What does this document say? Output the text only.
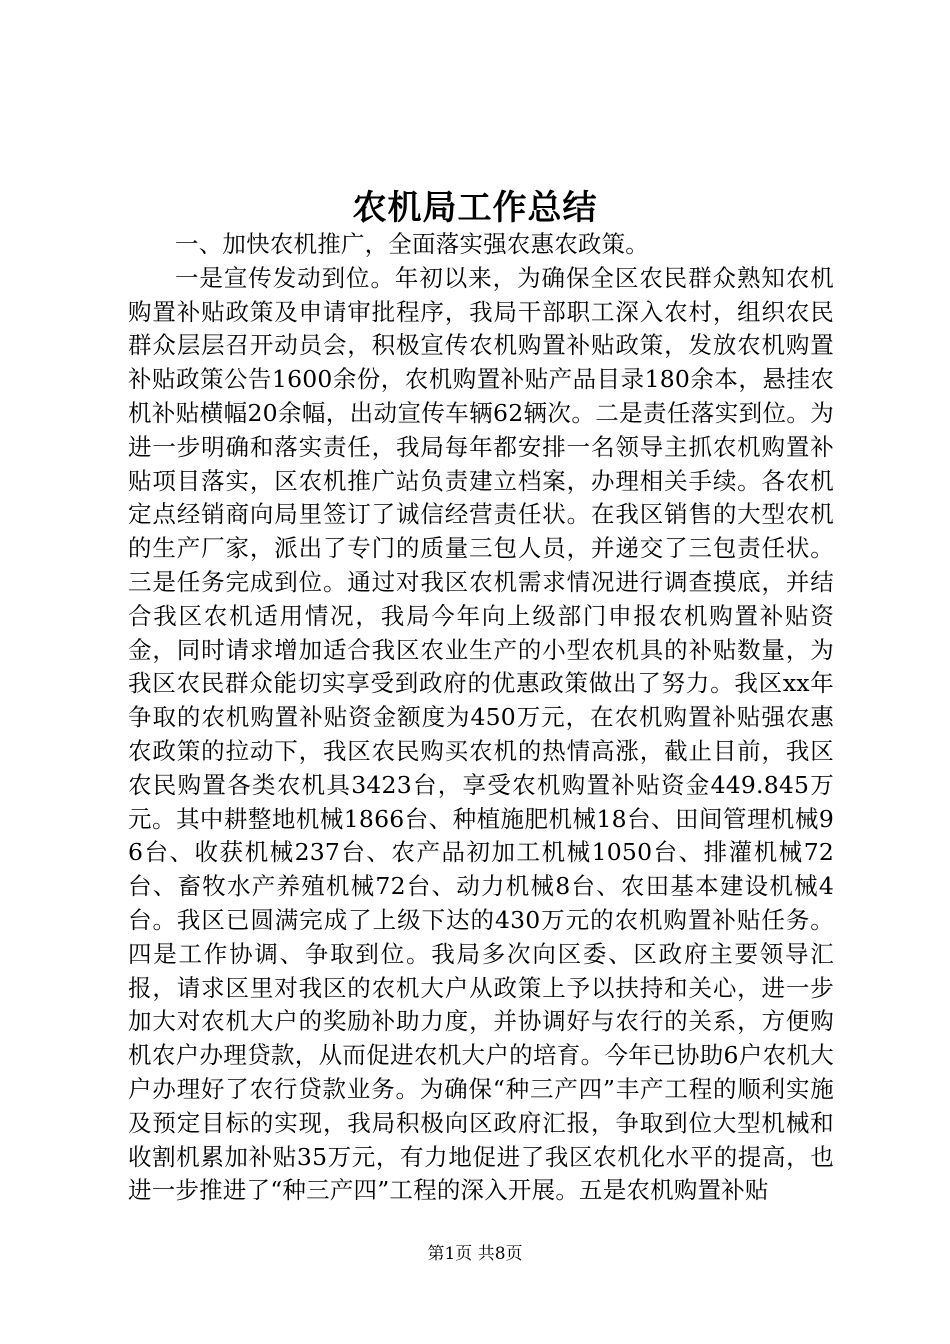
农机局工作总结

一、加快农机推广，全面落实强农惠农政策。

一是宣传发动到位。年初以来，为确保全区农民群众熟知农机购置补贴政策及申请审批程序，我局干部职工深入农村，组织农民群众层层召开动员会，积极宣传农机购置补贴政策，发放农机购置补贴政策公告1600余份，农机购置补贴产品目录180余本，悬挂农机补贴横幅20余幅，出动宣传车辆62辆次。二是责任落实到位。为进一步明确和落实责任，我局每年都安排一名领导主抓农机购置补贴项目落实，区农机推广站负责建立档案，办理相关手续。各农机定点经销商向局里签订了诚信经营责任状。在我区销售的大型农机的生产厂家，派出了专门的质量三包人员，并递交了三包责任状。三是任务完成到位。通过对我区农机需求情况进行调查摸底，并结合我区农机适用情况，我局今年向上级部门申报农机购置补贴资金，同时请求增加适合我区农业生产的小型农机具的补贴数量，为我区农民群众能切实享受到政府的优惠政策做出了努力。我区xx年争取的农机购置补贴资金额度为450万元，在农机购置补贴强农惠农政策的拉动下，我区农民购买农机的热情高涨，截止目前，我区农民购置各类农机具3423台，享受农机购置补贴资金449.845万元。其中耕整地机械1866台、种植施肥机械18台、田间管理机械96台、收获机械237台、农产品初加工机械1050台、排灌机械72台、畜牧水产养殖机械72台、动力机械8台、农田基本建设机械4台。我区已圆满完成了上级下达的430万元的农机购置补贴任务。四是工作协调、争取到位。我局多次向区委、区政府主要领导汇报，请求区里对我区的农机大户从政策上予以扶持和关心，进一步加大对农机大户的奖励补助力度，并协调好与农行的关系，方便购机农户办理贷款，从而促进农机大户的培育。今年已协助6户农机大户办理好了农行贷款业务。为确保“种三产四”丰产工程的顺利实施及预定目标的实现，我局积极向区政府汇报，争取到位大型机械和收割机累加补贴35万元，有力地促进了我区农机化水平的提高，也进一步推进了“种三产四”工程的深入开展。五是农机购置补贴

第1页 共8页
